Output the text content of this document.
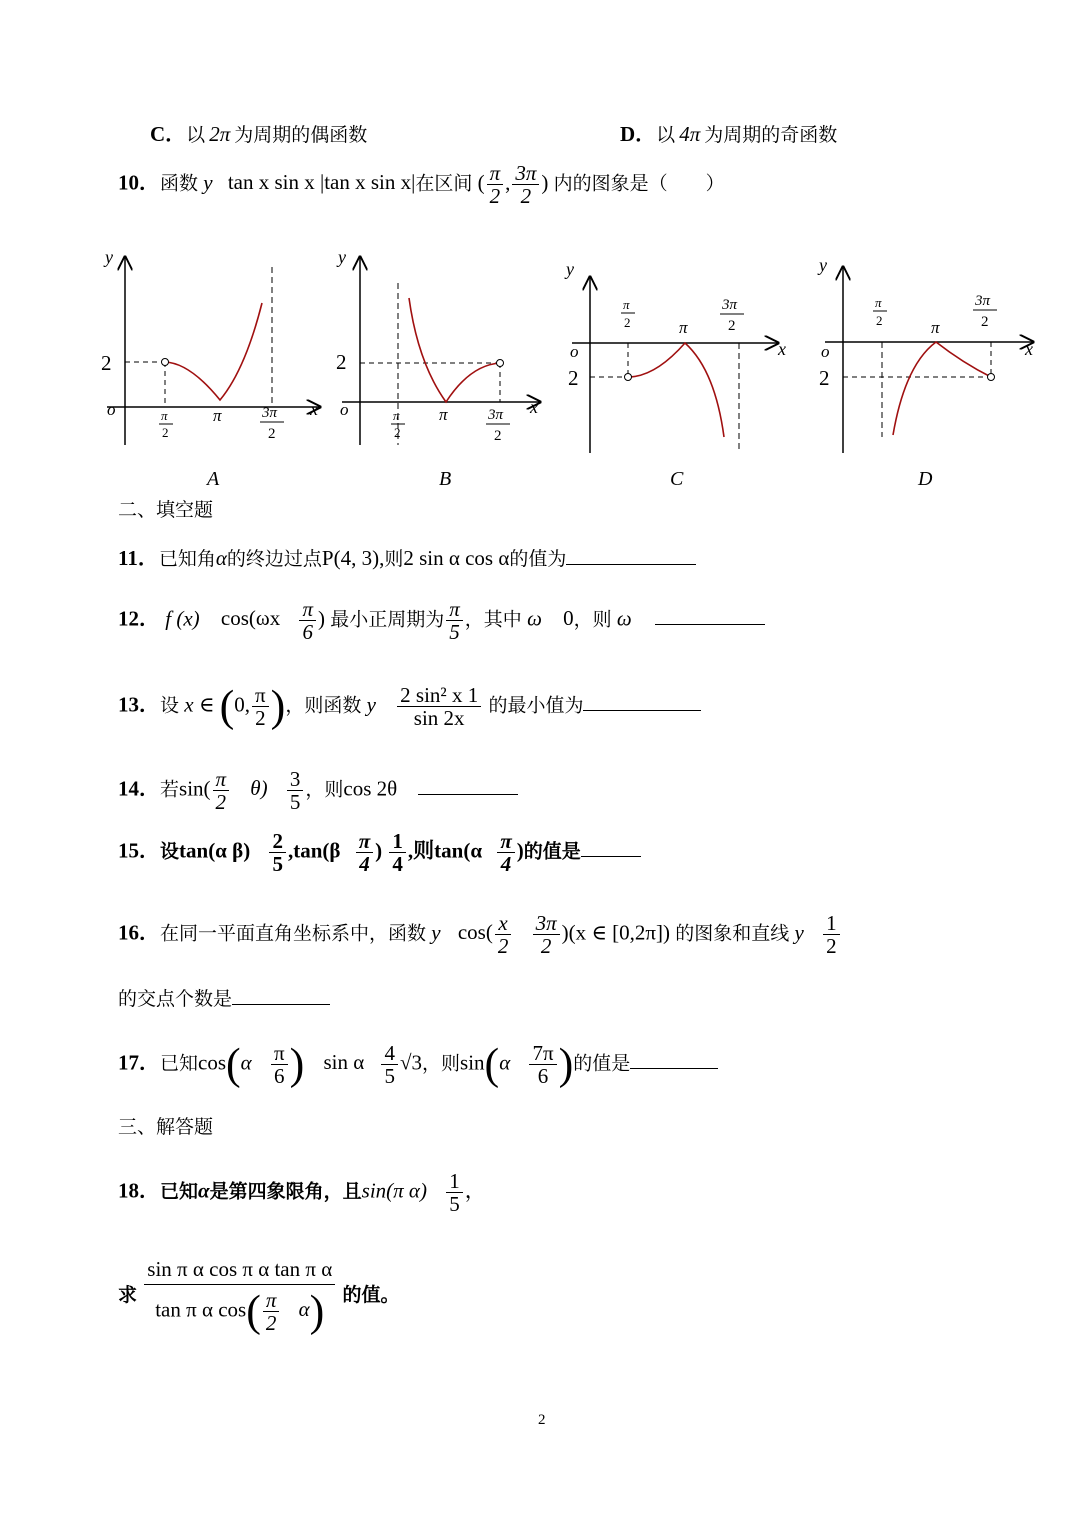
C．以 2π 为周期的偶函数	D．以 4π 为周期的奇函数
10．函数 y tan x sin x |tan x sin x|在区间 ( $\frac{\pi}{2}$ , $\frac{3\pi}{2}$ ) 内的图象是（　　）
y
x
o
2
π
π
2
3π
2
A
y
x
o
2
π
π
2
3π
2
B
y
x
o
2
π
π
2
3π
2
C
y
x
o
2
π
π
2
3π
2
D
二、填空题
11．已知角α的终边过点P(4, 3),则2 sin α cos α的值为
12． f (x) $\cos(\omega x \frac{\pi}{6}$ ) 最小正周期为 $\frac{\pi}{5}$ ，其中 ω 0，则 ω
13．设 x ∈ (0, $\frac{\pi}{2}$ )，则函数 y $\frac{\text{2 sin² x 1}}{\sin 2x}$ 的最小值为
14．若$\sin( \frac{\pi}{2} \theta) \frac{3}{5}$ ，则cos 2θ
15．设tan(α $\beta) \frac{2}{5} ,\tan(\beta \frac{\pi}{4}$ ) $\frac{1}{4}$ ,则$\tan(\alpha \frac{\pi}{4}$ )的值是
16．在同一平面直角坐标系中，函数 y $\cos( \frac{x}{2}$
$\frac{3\pi}{2} )(x$ ∈ [0,2π]) 的图象和直线 y $\frac{1}{2}$
的交点个数是
17．已知$\cos(\alpha \frac{\pi}{6}$ ) sin α $\frac{4}{5} √3$，则$\sin(\alpha \frac{7\pi}{6}$ )的值是
三、解答题
18．已知α是第四象限角，且sin(π $\alpha) \frac{1}{5}$ ，
求 $\frac{\text{sin π α cos π α tan π α}}{\tan \pi \alpha \cos( \frac{\pi}{2} \alpha)}$ 的值。
2
